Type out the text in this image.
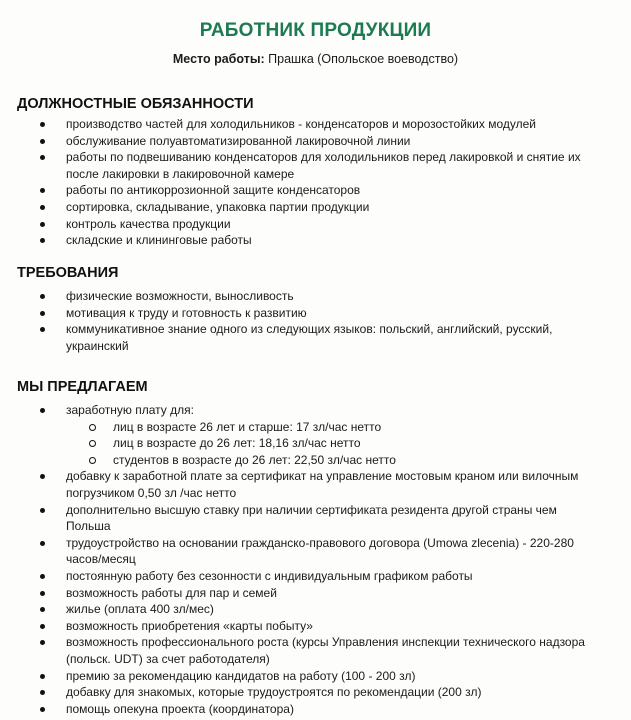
РАБОТНИК ПРОДУКЦИИ
Место работы: Прашка (Опольское воеводство)
ДОЛЖНОСТНЫЕ ОБЯЗАННОСТИ
производство частей для холодильников - конденсаторов и морозостойких модулей
обслуживание полуавтоматизированной лакировочной линии
работы по подвешиванию конденсаторов для холодильников перед лакировкой и снятие их после лакировки в лакировочной камере
работы по антикоррозионной защите конденсаторов
сортировка, складывание, упаковка партии продукции
контроль качества продукции
складские и клининговые работы
ТРЕБОВАНИЯ
физические возможности, выносливость
мотивация к труду и готовность к развитию
коммуникативное знание одного из следующих языков: польский, английский, русский, украинский
МЫ ПРЕДЛАГАЕМ
заработную плату для:
лиц в возрасте 26 лет и старше: 17 зл/час нетто
лиц в возрасте до 26 лет: 18,16 зл/час нетто
студентов в возрасте до 26 лет: 22,50 зл/час нетто
добавку к заработной плате за сертификат на управление мостовым краном или вилочным погрузчиком 0,50 зл /час нетто
дополнительно высшую ставку при наличии сертификата резидента другой страны чем Польша
трудоустройство на основании гражданско-правового договора (Umowa zlecenia) - 220-280 часов/месяц
постоянную работу без сезонности с индивидуальным графиком работы
возможность работы для пар и семей
жилье (оплата 400 зл/мес)
возможность приобретения «карты побыту»
возможность профессионального роста (курсы Управления инспекции технического надзора (польск. UDT) за счет работодателя)
премию за рекомендацию кандидатов на работу (100 - 200 зл)
добавку для знакомых, которые трудоустроятся по рекомендации (200 зл)
помощь опекуна проекта (координатора)
